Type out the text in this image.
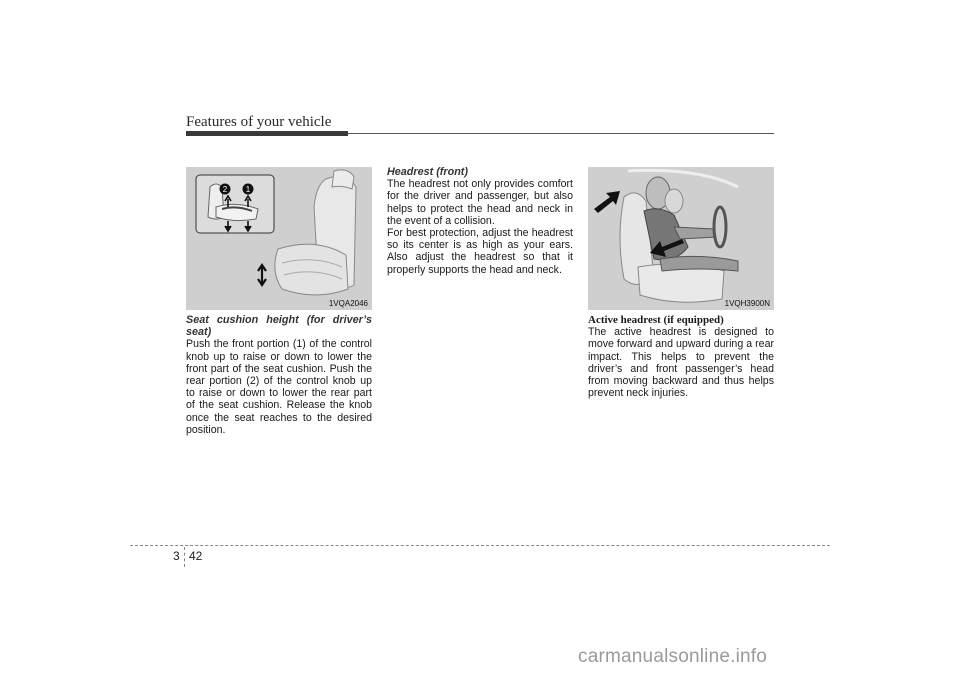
Features of your vehicle
2 1
1VQA2046	1VQH3900N

Seat cushion height (for driver’s seat)

Push the front portion (1) of the control knob up to raise or down to lower the front part of the seat cushion. Push the rear portion (2) of the control knob up to raise or down to lower the rear part of the seat cushion. Release the knob once the seat reaches to the desired position.

Headrest (front)

The headrest not only provides comfort for the driver and passenger, but also helps to protect the head and neck in the event of a collision.

For best protection, adjust the headrest so its center is as high as your ears. Also adjust the headrest so that it properly supports the head and neck.

Active headrest (if equipped)

The active headrest is designed to move forward and upward during a rear impact. This helps to prevent the driver’s and front passenger’s head from moving backward and thus helps prevent neck injuries.

3 42
carmanualsonline.info
